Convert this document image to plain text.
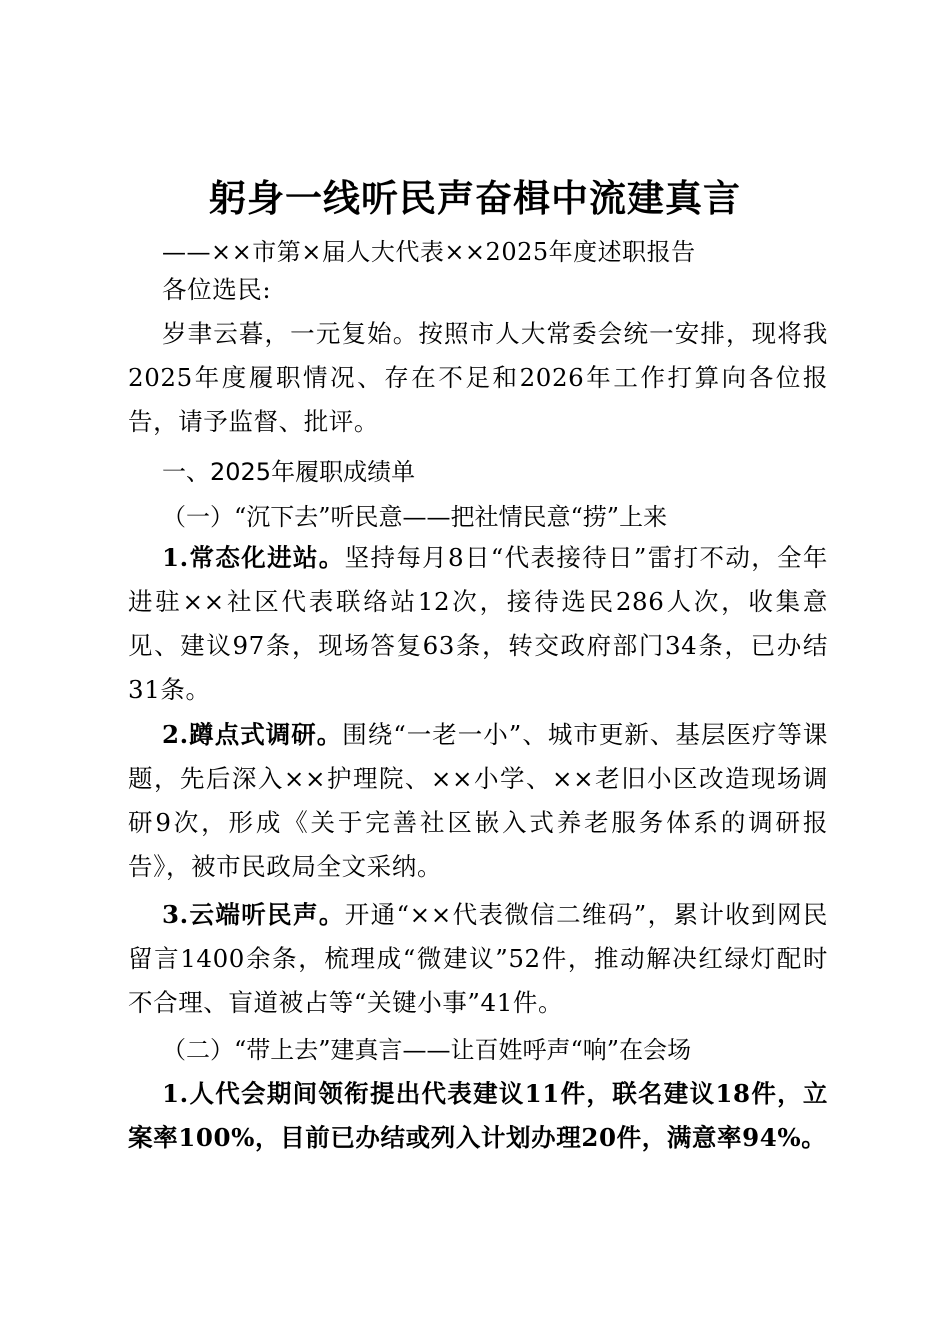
躬身一线听民声奋楫中流建真言
——××市第×届人大代表××2025年度述职报告

各位选民:

岁聿云暮，一元复始。按照市人大常委会统一安排，现将我2025年度履职情况、存在不足和2026年工作打算向各位报告，请予监督、批评。

一、2025年履职成绩单
（一）“沉下去”听民意——把社情民意“捞”上来

1.常态化进站。坚持每月8日“代表接待日”雷打不动，全年进驻××社区代表联络站12次，接待选民286人次，收集意见、建议97条，现场答复63条，转交政府部门34条，已办结31条。

2.蹲点式调研。围绕“一老一小”、城市更新、基层医疗等课题，先后深入××护理院、××小学、××老旧小区改造现场调研9次，形成《关于完善社区嵌入式养老服务体系的调研报告》，被市民政局全文采纳。

3.云端听民声。开通“××代表微信二维码”，累计收到网民留言1400余条，梳理成“微建议”52件，推动解决红绿灯配时不合理、盲道被占等“关键小事”41件。

（二）“带上去”建真言——让百姓呼声“响”在会场

1.人代会期间领衔提出代表建议11件，联名建议18件，立案率100%，目前已办结或列入计划办理20件，满意率94%。
